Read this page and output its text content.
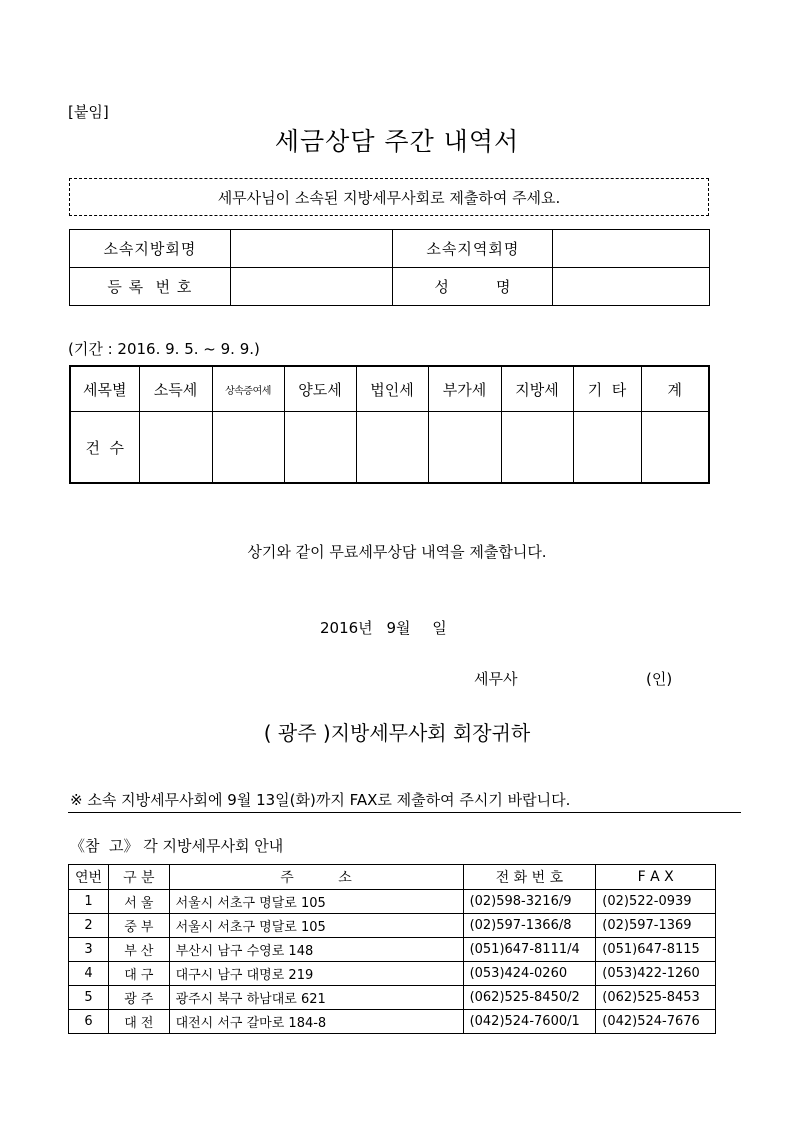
[붙임]
세금상담 주간 내역서
세무사님이 소속된 지방세무사회로 제출하여 주세요.
소속지방회명		소속지역회명	
등 록  번 호		성        명	
(기간 : 2016. 9. 5. ~ 9. 9.)
세목별	소득세	상속증여세	양도세	법인세	부가세	지방세	기  타	계
건  수								
상기와 같이 무료세무상담 내역을 제출합니다.
2016년 9월 일
세무사	(인)
( 광주 )지방세무사회 회장귀하
※ 소속 지방세무사회에 9월 13일(화)까지 FAX로 제출하여 주시기 바랍니다.
《참  고》 각 지방세무사회 안내
연번	구 분	주          소	전 화 번 호	F A X
1	서 울	서울시 서초구 명달로 105	(02)598-3216/9	(02)522-0939
2	중 부	서울시 서초구 명달로 105	(02)597-1366/8	(02)597-1369
3	부 산	부산시 남구 수영로 148	(051)647-8111/4	(051)647-8115
4	대 구	대구시 남구 대명로 219	(053)424-0260	(053)422-1260
5	광 주	광주시 북구 하남대로 621	(062)525-8450/2	(062)525-8453
6	대 전	대전시 서구 갈마로 184-8	(042)524-7600/1	(042)524-7676
